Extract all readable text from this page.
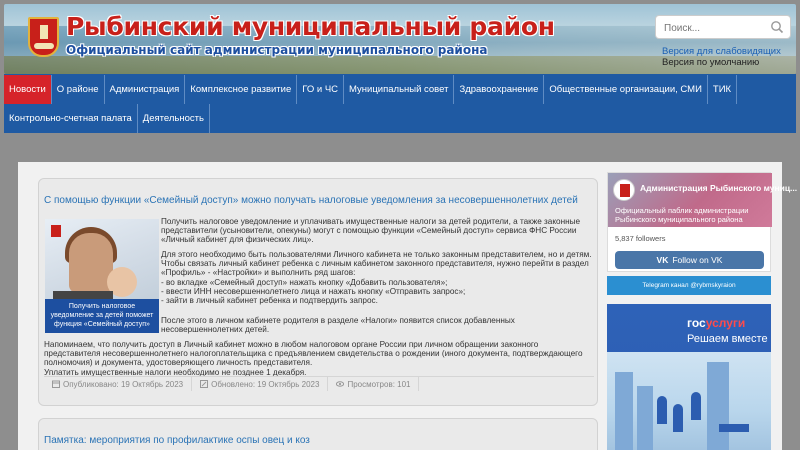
Рыбинский муниципальный район
Официальный сайт администрации муниципального района
Поиск...	Версия для слабовидящих
Версия по умолчанию
Новости	О районе	Администрация	Комплексное развитие	ГО и ЧС	Муниципальный совет	Здравоохранение	Общественные организации, СМИ	ТИК
Контрольно-счетная палата	Деятельность
С помощью функции «Семейный доступ» можно получать налоговые уведомления за несовершеннолетних детей
Получить налоговое уведомление за детей поможет функция «Семейный доступ»
Получить налоговое уведомление и уплачивать имущественные налоги за детей родители, а также законные представители (усыновители, опекуны) могут с помощью функции «Семейный доступ» сервиса ФНС России «Личный кабинет для физических лиц».
Для этого необходимо быть пользователями Личного кабинета не только законным представителем, но и детям.
Чтобы связать личный кабинет ребенка с личным кабинетом законного представителя, нужно перейти в раздел «Профиль» - «Настройки» и выполнить ряд шагов:
- во вкладке «Семейный доступ» нажать кнопку «Добавить пользователя»;
- ввести ИНН несовершеннолетнего лица и нажать кнопку «Отправить запрос»;
- зайти в личный кабинет ребенка и подтвердить запрос.
После этого в личном кабинете родителя в разделе «Налоги» появится список добавленных несовершеннолетних детей.
Напоминаем, что получить доступ в Личный кабинет можно в любом налоговом органе России при личном обращении законного представителя несовершеннолетнего налогоплательщика с предъявлением свидетельства о рождении (иного документа, подтверждающего полномочия) и документа, удостоверяющего личность представителя.
Уплатить имущественные налоги необходимо не позднее 1 декабря.
Опубликовано: 19 Октябрь 2023	Обновлено: 19 Октябрь 2023	Просмотров: 101
Памятка: мероприятия по профилактике оспы овец и коз
Администрация Рыбинского муниц...
Официальный паблик администрации Рыбинского муниципального района
5,837 followers
VK Follow on VK
Telegram канал @rybmskyraion
госуслуги
Решаем вместе
